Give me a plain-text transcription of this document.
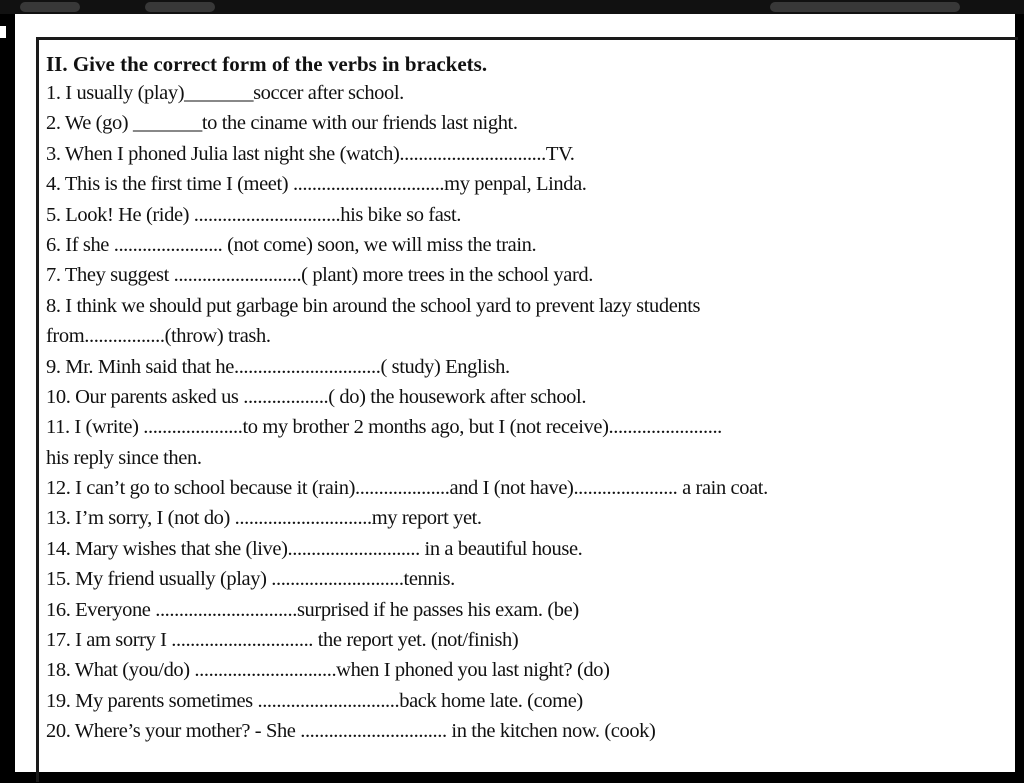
II. Give the correct form of the verbs in brackets.
1. I usually (play)_______soccer after school.
2. We (go) _______to the ciname with our friends last night.
3. When I phoned Julia last night she (watch)...............................TV.
4. This is the first time I (meet) ................................my penpal, Linda.
5. Look! He (ride) ...............................his bike so fast.
6. If she ....................... (not come) soon, we will miss the train.
7. They suggest ...........................( plant) more trees in the school yard.
8. I think we should put garbage bin around the school yard to prevent lazy students
from.................(throw) trash.
9. Mr. Minh said that he...............................( study) English.
10. Our parents asked us ..................( do) the housework after school.
11. I (write) .....................to my brother 2 months ago, but I (not receive)........................
his reply since then.
12. I can’t go to school because it (rain)....................and I (not have)...................... a rain coat.
13. I’m sorry, I (not do) .............................my report yet.
14. Mary wishes that she (live)............................ in a beautiful house.
15. My friend usually (play) ............................tennis.
16. Everyone ..............................surprised if he passes his exam. (be)
17. I am sorry I .............................. the report yet. (not/finish)
18. What (you/do) ..............................when I phoned you last night? (do)
19. My parents sometimes ..............................back home late. (come)
20. Where’s your mother? - She ............................... in the kitchen now. (cook)
